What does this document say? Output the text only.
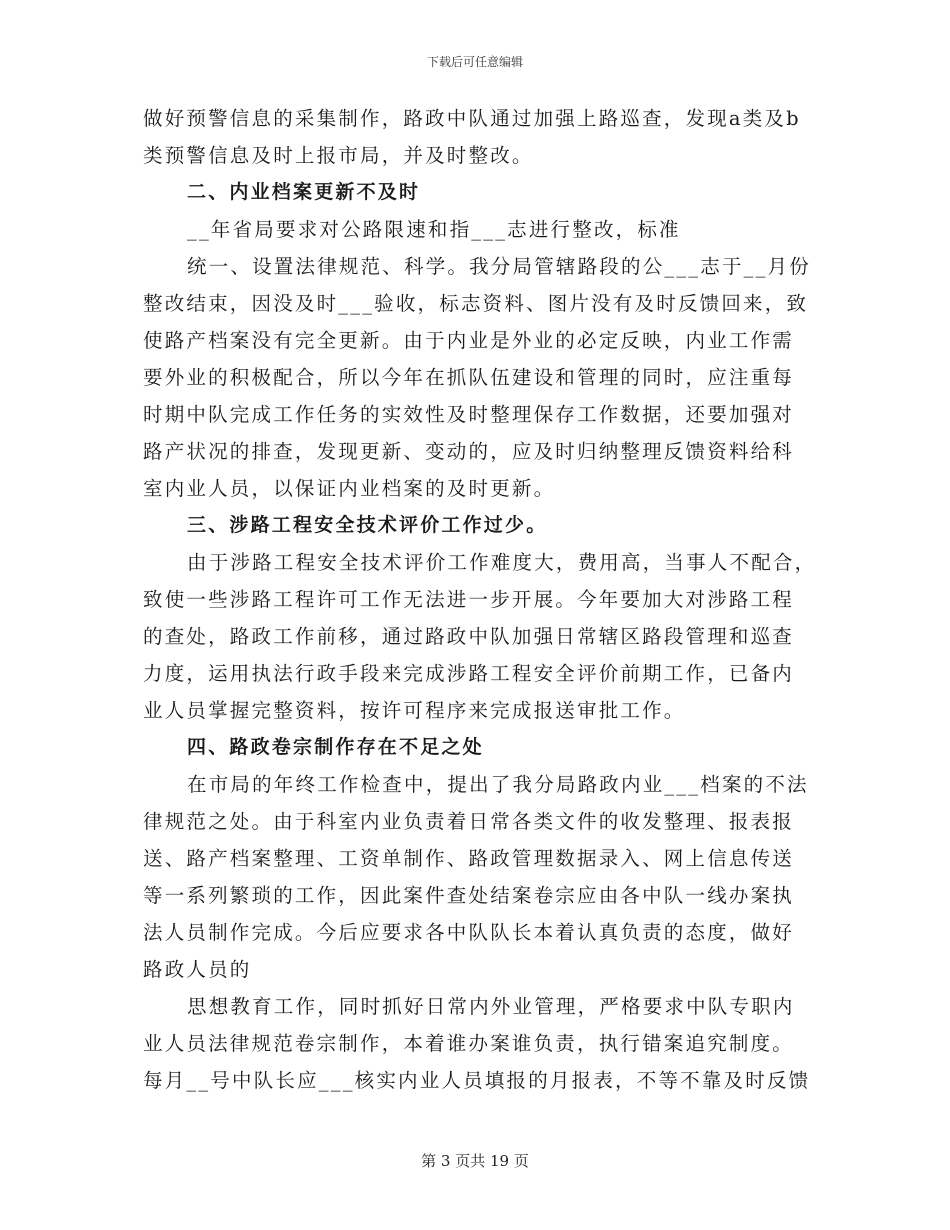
下载后可任意编辑
做好预警信息的采集制作，路政中队通过加强上路巡查，发现a类及b
类预警信息及时上报市局，并及时整改。
二、内业档案更新不及时
__年省局要求对公路限速和指___志进行整改，标准
统一、设置法律规范、科学。我分局管辖路段的公___志于__月份
整改结束，因没及时___验收，标志资料、图片没有及时反馈回来，致
使路产档案没有完全更新。由于内业是外业的必定反映，内业工作需
要外业的积极配合，所以今年在抓队伍建设和管理的同时，应注重每
时期中队完成工作任务的实效性及时整理保存工作数据，还要加强对
路产状况的排查，发现更新、变动的，应及时归纳整理反馈资料给科
室内业人员，以保证内业档案的及时更新。
三、涉路工程安全技术评价工作过少。
由于涉路工程安全技术评价工作难度大，费用高，当事人不配合，
致使一些涉路工程许可工作无法进一步开展。今年要加大对涉路工程
的查处，路政工作前移，通过路政中队加强日常辖区路段管理和巡查
力度，运用执法行政手段来完成涉路工程安全评价前期工作，已备内
业人员掌握完整资料，按许可程序来完成报送审批工作。
四、路政卷宗制作存在不足之处
在市局的年终工作检查中，提出了我分局路政内业___档案的不法
律规范之处。由于科室内业负责着日常各类文件的收发整理、报表报
送、路产档案整理、工资单制作、路政管理数据录入、网上信息传送
等一系列繁琐的工作，因此案件查处结案卷宗应由各中队一线办案执
法人员制作完成。今后应要求各中队队长本着认真负责的态度，做好
路政人员的
思想教育工作，同时抓好日常内外业管理，严格要求中队专职内
业人员法律规范卷宗制作，本着谁办案谁负责，执行错案追究制度。
每月__号中队长应___核实内业人员填报的月报表，不等不靠及时反馈
第 3 页共 19 页
